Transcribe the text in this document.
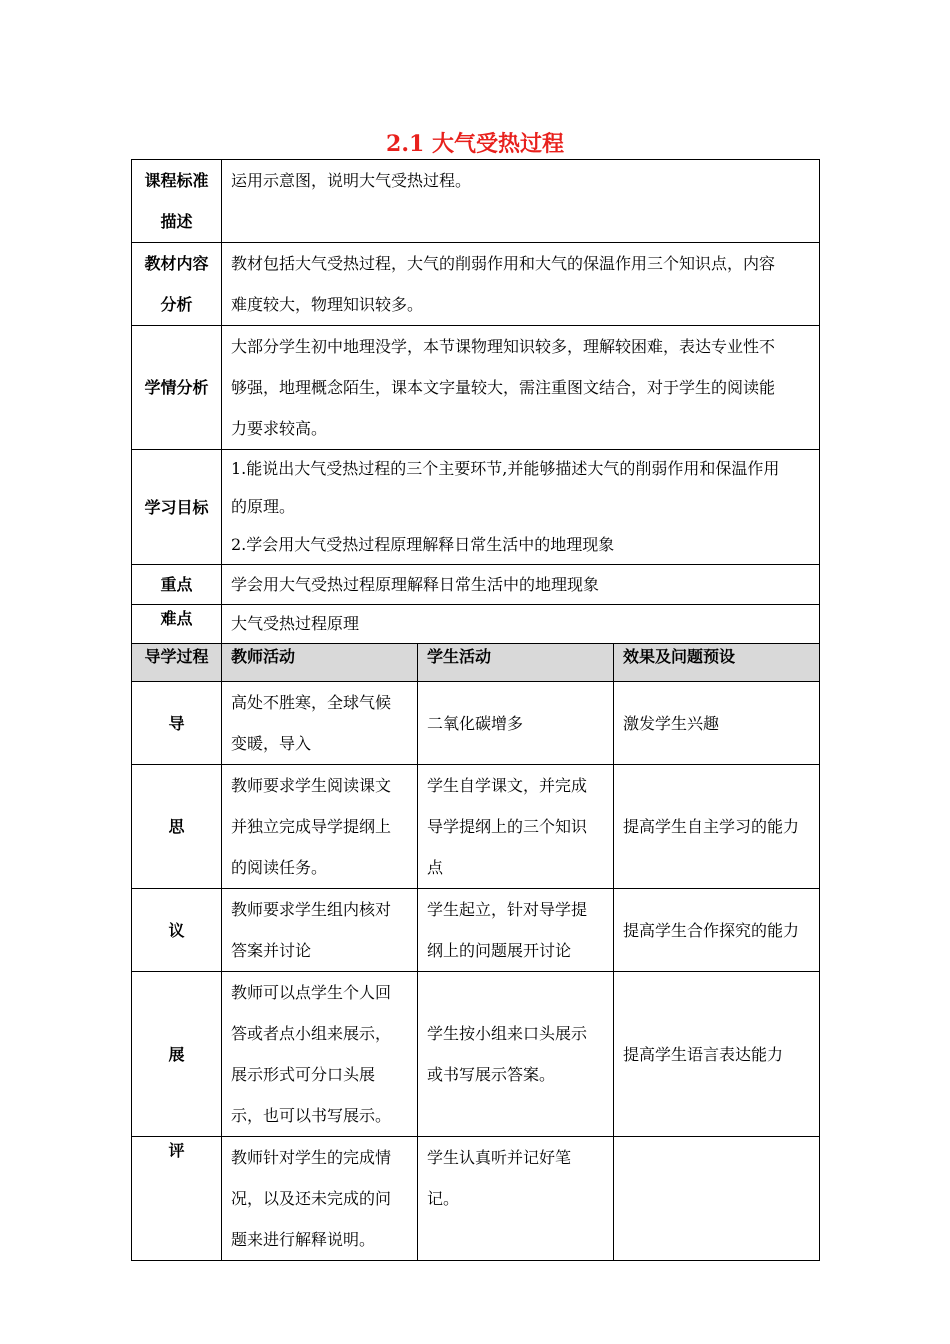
2.1 大气受热过程
课程标准
描述	运用示意图，说明大气受热过程。		

教材内容
分析	教材包括大气受热过程，大气的削弱作用和大气的保温作用三个知识点，内容
难度较大，物理知识较多。		

学情分析	大部分学生初中地理没学，本节课物理知识较多，理解较困难，表达专业性不
够强，地理概念陌生，课本文字量较大，需注重图文结合，对于学生的阅读能
力要求较高。		

学习目标	1.能说出大气受热过程的三个主要环节,并能够描述大气的削弱作用和保温作用
的原理。
2.学会用大气受热过程原理解释日常生活中的地理现象		

重点	学会用大气受热过程原理解释日常生活中的地理现象		

难点	大气受热过程原理		

导学过程	教师活动	学生活动	效果及问题预设
导	高处不胜寒，全球气候
变暖，导入	二氧化碳增多	激发学生兴趣

思	教师要求学生阅读课文
并独立完成导学提纲上
的阅读任务。	学生自学课文，并完成
导学提纲上的三个知识
点	提高学生自主学习的能力

议	教师要求学生组内核对
答案并讨论	学生起立，针对导学提
纲上的问题展开讨论	提高学生合作探究的能力

展	教师可以点学生个人回
答或者点小组来展示，
展示形式可分口头展
示，也可以书写展示。	学生按小组来口头展示
或书写展示答案。	提高学生语言表达能力

评	教师针对学生的完成情
况，以及还未完成的问
题来进行解释说明。	学生认真听并记好笔
记。	
